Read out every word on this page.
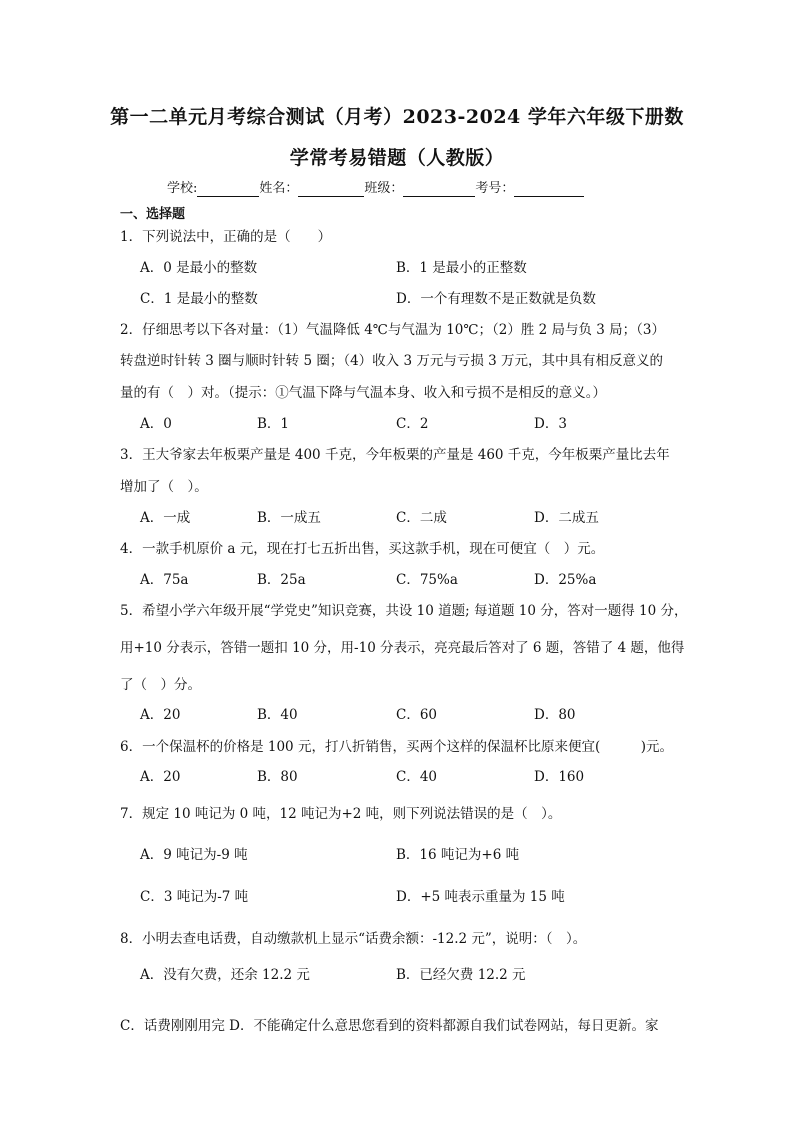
第一二单元月考综合测试（月考）2023-2024 学年六年级下册数
学常考易错题（人教版）
学校:	姓名：	班级：	考号：
一、选择题
1．下列说法中，正确的是（　　）
A．0 是最小的整数	B．1 是最小的正整数
C．1 是最小的整数	D．一个有理数不是正数就是负数
2．仔细思考以下各对量：（1）气温降低 4℃与气温为 10℃；（2）胜 2 局与负 3 局；（3）
转盘逆时针转 3 圈与顺时针转 5 圈；（4）收入 3 万元与亏损 3 万元，其中具有相反意义的
量的有（　）对。（提示：①气温下降与气温本身、收入和亏损不是相反的意义。）
A．0	B．1	C．2	D．3
3．王大爷家去年板栗产量是 400 千克，今年板栗的产量是 460 千克，今年板栗产量比去年
增加了（　）。
A．一成	B．一成五	C．二成	D．二成五
4．一款手机原价 a 元，现在打七五折出售，买这款手机，现在可便宜（　）元。
A．75a	B．25a	C．75%a	D．25%a
5．希望小学六年级开展“学党史”知识竞赛，共设 10 道题; 每道题 10 分，答对一题得 10 分，
用+10 分表示，答错一题扣 10 分，用-10 分表示，亮亮最后答对了 6 题，答错了 4 题，他得
了（　）分。
A．20	B．40	C．60	D．80
6．一个保温杯的价格是 100 元，打八折销售，买两个这样的保温杯比原来便宜(　　　)元。
A．20	B．80	C．40	D．160
7．规定 10 吨记为 0 吨，12 吨记为+2 吨，则下列说法错误的是（　）。
A．9 吨记为-9 吨	B．16 吨记为+6 吨
C．3 吨记为-7 吨	D．+5 吨表示重量为 15 吨
8．小明去查电话费，自动缴款机上显示“话费余额：-12.2 元”，说明：（　）。
A．没有欠费，还余 12.2 元	B．已经欠费 12.2 元
C．话费刚刚用完 D．不能确定什么意思您看到的资料都源自我们试卷网站，每日更新。家
